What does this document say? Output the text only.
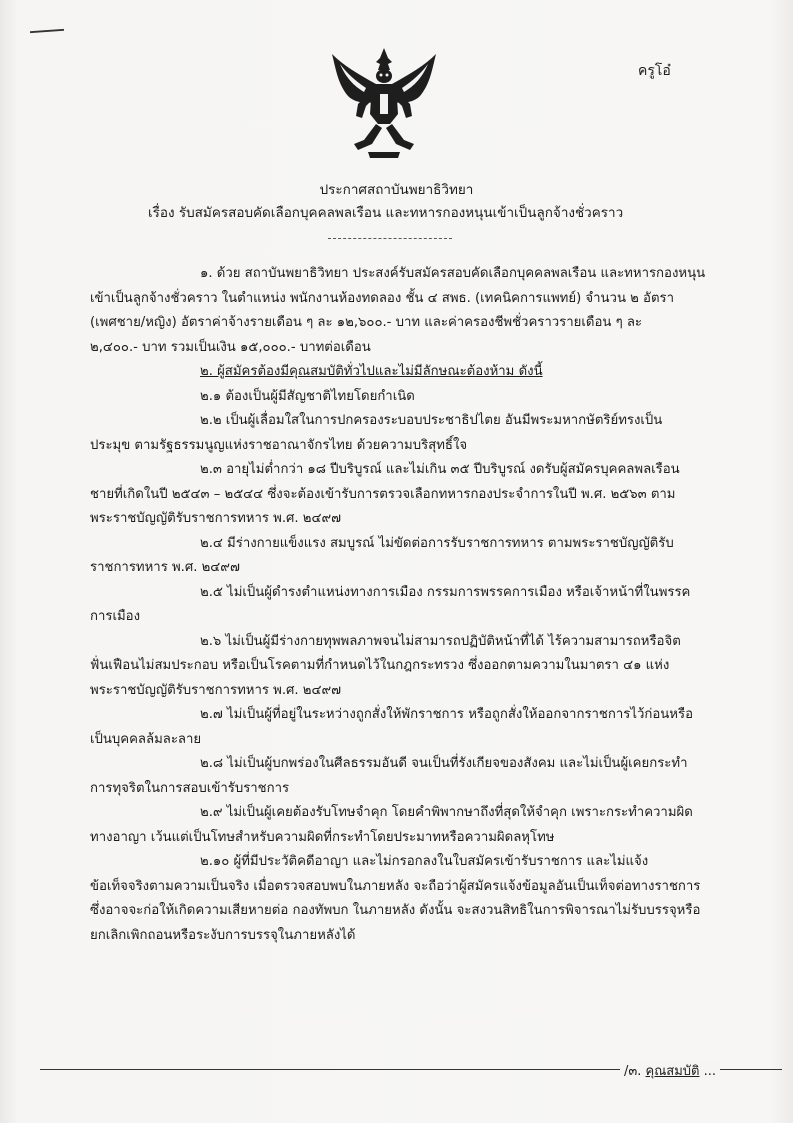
ครูโอ๋
ประกาศสถาบันพยาธิวิทยา
เรื่อง รับสมัครสอบคัดเลือกบุคคลพลเรือน และทหารกองหนุนเข้าเป็นลูกจ้างชั่วคราว

๑. ด้วย สถาบันพยาธิวิทยา ประสงค์รับสมัครสอบคัดเลือกบุคคลพลเรือน และทหารกองหนุน

เข้าเป็นลูกจ้างชั่วคราว ในตำแหน่ง พนักงานห้องทดลอง ชั้น ๔ สพธ. (เทคนิคการแพทย์) จำนวน ๒ อัตรา

(เพศชาย/หญิง) อัตราค่าจ้างรายเดือน ๆ ละ ๑๒,๖๐๐.- บาท และค่าครองชีพชั่วคราวรายเดือน ๆ ละ

๒,๔๐๐.- บาท รวมเป็นเงิน ๑๕,๐๐๐.- บาทต่อเดือน

๒. ผู้สมัครต้องมีคุณสมบัติทั่วไปและไม่มีลักษณะต้องห้าม ดังนี้

๒.๑ ต้องเป็นผู้มีสัญชาติไทยโดยกำเนิด

๒.๒ เป็นผู้เลื่อมใสในการปกครองระบอบประชาธิปไตย อันมีพระมหากษัตริย์ทรงเป็น

ประมุข ตามรัฐธรรมนูญแห่งราชอาณาจักรไทย ด้วยความบริสุทธิ์ใจ

๒.๓ อายุไม่ต่ำกว่า ๑๘ ปีบริบูรณ์ และไม่เกิน ๓๕ ปีบริบูรณ์ งดรับผู้สมัครบุคคลพลเรือน

ชายที่เกิดในปี ๒๕๔๓ – ๒๕๔๔ ซึ่งจะต้องเข้ารับการตรวจเลือกทหารกองประจำการในปี พ.ศ. ๒๕๖๓ ตาม

พระราชบัญญัติรับราชการทหาร พ.ศ. ๒๔๙๗

๒.๔ มีร่างกายแข็งแรง สมบูรณ์ ไม่ขัดต่อการรับราชการทหาร ตามพระราชบัญญัติรับ

ราชการทหาร พ.ศ. ๒๔๙๗

๒.๕ ไม่เป็นผู้ดำรงตำแหน่งทางการเมือง กรรมการพรรคการเมือง หรือเจ้าหน้าที่ในพรรค

การเมือง

๒.๖ ไม่เป็นผู้มีร่างกายทุพพลภาพจนไม่สามารถปฏิบัติหน้าที่ได้ ไร้ความสามารถหรือจิต

ฟั่นเฟือนไม่สมประกอบ หรือเป็นโรคตามที่กำหนดไว้ในกฎกระทรวง ซึ่งออกตามความในมาตรา ๔๑ แห่ง

พระราชบัญญัติรับราชการทหาร พ.ศ. ๒๔๙๗

๒.๗ ไม่เป็นผู้ที่อยู่ในระหว่างถูกสั่งให้พักราชการ หรือถูกสั่งให้ออกจากราชการไว้ก่อนหรือ

เป็นบุคคลล้มละลาย

๒.๘ ไม่เป็นผู้บกพร่องในศีลธรรมอันดี จนเป็นที่รังเกียจของสังคม และไม่เป็นผู้เคยกระทำ

การทุจริตในการสอบเข้ารับราชการ

๒.๙ ไม่เป็นผู้เคยต้องรับโทษจำคุก โดยคำพิพากษาถึงที่สุดให้จำคุก เพราะกระทำความผิด

ทางอาญา เว้นแต่เป็นโทษสำหรับความผิดที่กระทำโดยประมาทหรือความผิดลหุโทษ

๒.๑๐ ผู้ที่มีประวัติคดีอาญา และไม่กรอกลงในใบสมัครเข้ารับราชการ และไม่แจ้ง

ข้อเท็จจริงตามความเป็นจริง เมื่อตรวจสอบพบในภายหลัง จะถือว่าผู้สมัครแจ้งข้อมูลอันเป็นเท็จต่อทางราชการ

ซึ่งอาจจะก่อให้เกิดความเสียหายต่อ กองทัพบก ในภายหลัง ดังนั้น จะสงวนสิทธิในการพิจารณาไม่รับบรรจุหรือ

ยกเลิกเพิกถอนหรือระงับการบรรจุในภายหลังได้

/๓. คุณสมบัติ ...
